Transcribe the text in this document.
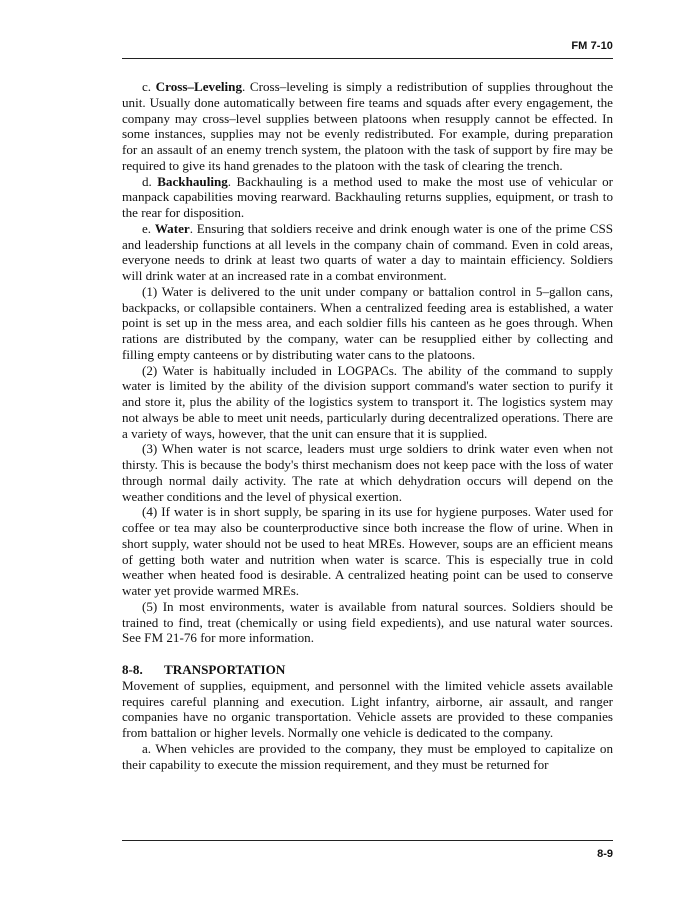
FM 7-10

c. Cross–Leveling. Cross–leveling is simply a redistribution of supplies throughout the unit. Usually done automatically between fire teams and squads after every engagement, the company may cross–level supplies between platoons when resupply cannot be effected. In some instances, supplies may not be evenly redistributed. For example, during preparation for an assault of an enemy trench system, the platoon with the task of support by fire may be required to give its hand grenades to the platoon with the task of clearing the trench.

d. Backhauling. Backhauling is a method used to make the most use of vehicular or manpack capabilities moving rearward. Backhauling returns supplies, equipment, or trash to the rear for disposition.

e. Water. Ensuring that soldiers receive and drink enough water is one of the prime CSS and leadership functions at all levels in the company chain of command. Even in cold areas, everyone needs to drink at least two quarts of water a day to maintain efficiency. Soldiers will drink water at an increased rate in a combat environment.

(1) Water is delivered to the unit under company or battalion control in 5–gallon cans, backpacks, or collapsible containers. When a centralized feeding area is established, a water point is set up in the mess area, and each soldier fills his canteen as he goes through. When rations are distributed by the company, water can be resupplied either by collecting and filling empty canteens or by distributing water cans to the platoons.

(2) Water is habitually included in LOGPACs. The ability of the command to supply water is limited by the ability of the division support command's water section to purify it and store it, plus the ability of the logistics system to transport it. The logistics system may not always be able to meet unit needs, particularly during decentralized operations. There are a variety of ways, however, that the unit can ensure that it is supplied.

(3) When water is not scarce, leaders must urge soldiers to drink water even when not thirsty. This is because the body's thirst mechanism does not keep pace with the loss of water through normal daily activity. The rate at which dehydration occurs will depend on the weather conditions and the level of physical exertion.

(4) If water is in short supply, be sparing in its use for hygiene purposes. Water used for coffee or tea may also be counterproductive since both increase the flow of urine. When in short supply, water should not be used to heat MREs. However, soups are an efficient means of getting both water and nutrition when water is scarce. This is especially true in cold weather when heated food is desirable. A centralized heating point can be used to conserve water yet provide warmed MREs.

(5) In most environments, water is available from natural sources. Soldiers should be trained to find, treat (chemically or using field expedients), and use natural water sources. See FM 21-76 for more information.

8-8. TRANSPORTATION

Movement of supplies, equipment, and personnel with the limited vehicle assets available requires careful planning and execution. Light infantry, airborne, air assault, and ranger companies have no organic transportation. Vehicle assets are provided to these companies from battalion or higher levels. Normally one vehicle is dedicated to the company.

a. When vehicles are provided to the company, they must be employed to capitalize on their capability to execute the mission requirement, and they must be returned for

8-9
